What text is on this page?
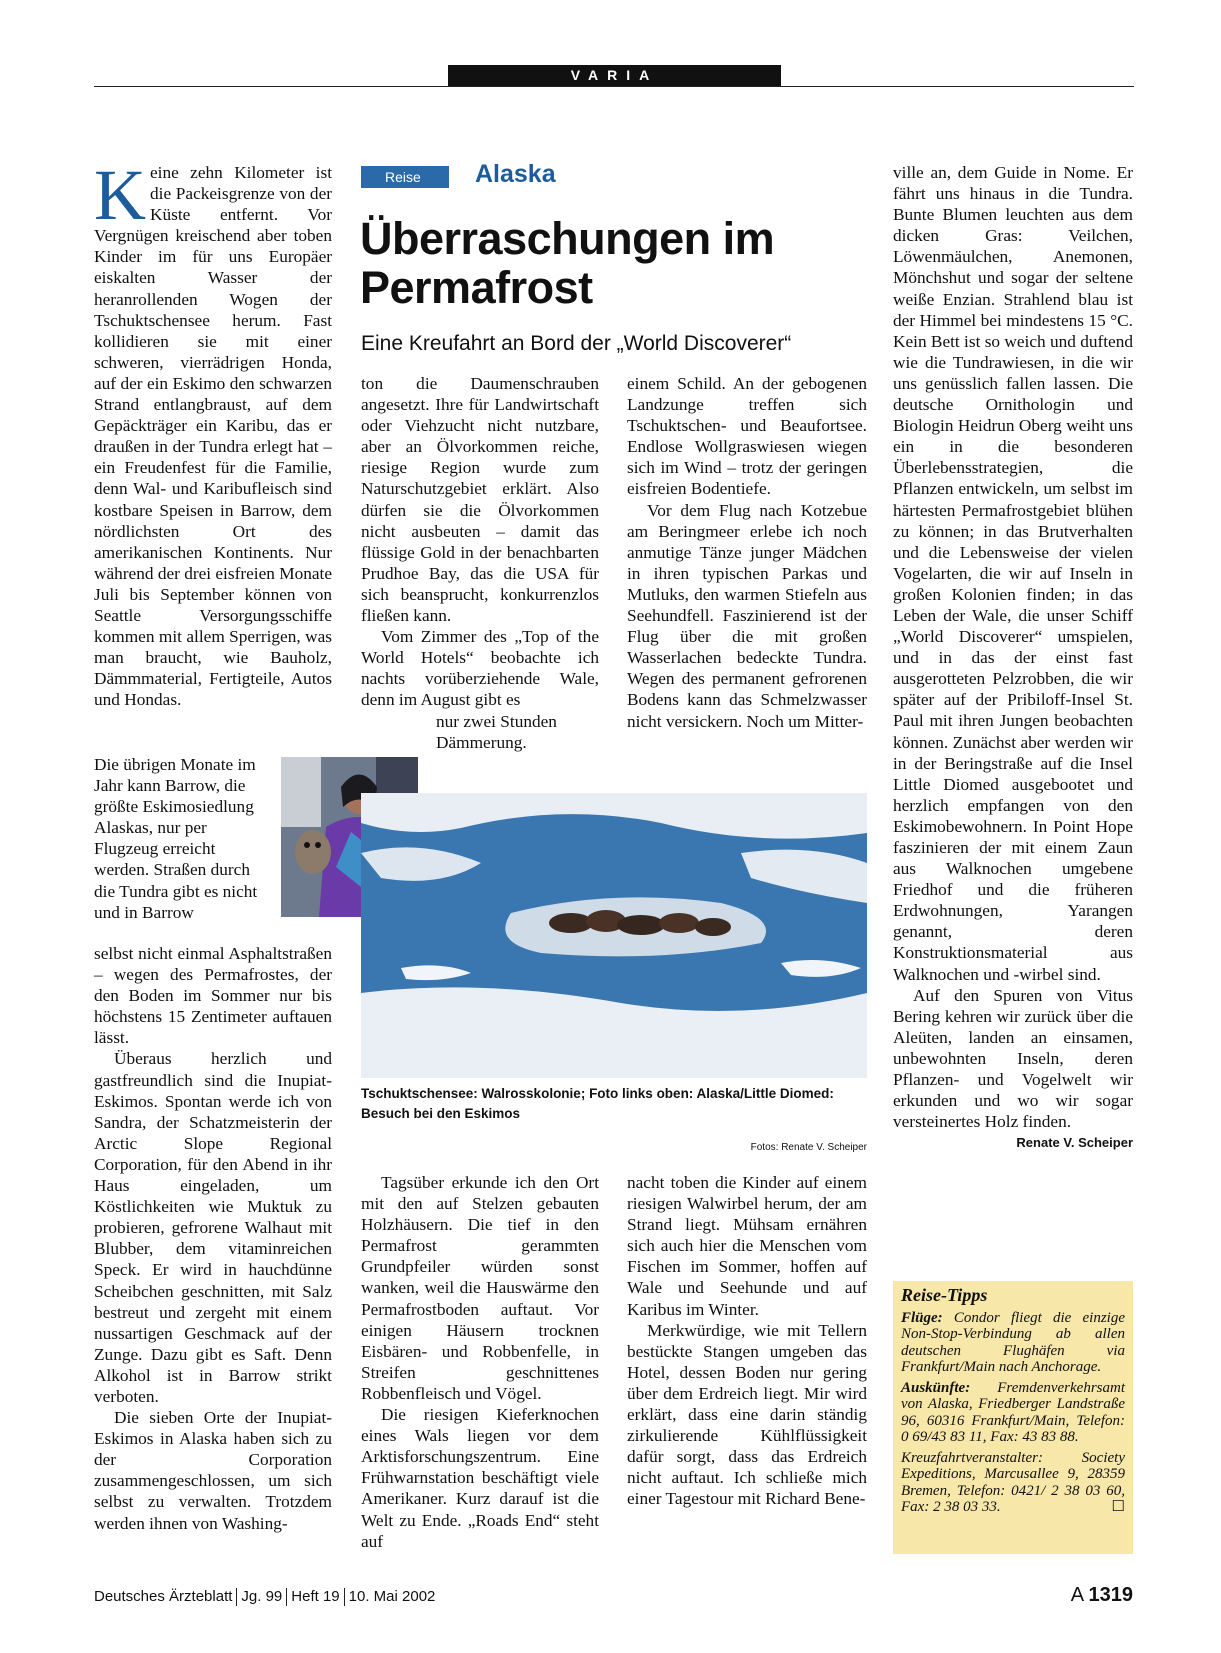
VARIA

Keine zehn Kilometer ist die Packeisgrenze von der Küste entfernt. Vor Vergnügen kreischend aber toben Kinder im für uns Europäer eiskalten Wasser der heranrollenden Wogen der Tschuktschensee herum. Fast kollidieren sie mit einer schweren, vierrädrigen Honda, auf der ein Eskimo den schwarzen Strand entlangbraust, auf dem Gepäckträger ein Karibu, das er draußen in der Tundra erlegt hat – ein Freudenfest für die Familie, denn Wal- und Karibufleisch sind kostbare Speisen in Barrow, dem nördlichsten Ort des amerikanischen Kontinents. Nur während der drei eisfreien Monate Juli bis September können von Seattle Versorgungsschiffe kommen mit allem Sperrigen, was man braucht, wie Bauholz, Dämmmaterial, Fertigteile, Autos und Hondas.

Die übrigen Monate im Jahr kann Barrow, die größte Eskimosiedlung Alaskas, nur per Flugzeug erreicht werden. Straßen durch die Tundra gibt es nicht und in Barrow

selbst nicht einmal Asphaltstraßen – wegen des Permafrostes, der den Boden im Sommer nur bis höchstens 15 Zentimeter auftauen lässt.

Überaus herzlich und gastfreundlich sind die Inupiat-Eskimos. Spontan werde ich von Sandra, der Schatzmeisterin der Arctic Slope Regional Corporation, für den Abend in ihr Haus eingeladen, um Köstlichkeiten wie Muktuk zu probieren, gefrorene Walhaut mit Blubber, dem vitaminreichen Speck. Er wird in hauchdünne Scheibchen geschnitten, mit Salz bestreut und zergeht mit einem nussartigen Geschmack auf der Zunge. Dazu gibt es Saft. Denn Alkohol ist in Barrow strikt verboten.

Die sieben Orte der Inupiat-Eskimos in Alaska haben sich zu der Corporation zusammengeschlossen, um sich selbst zu verwalten. Trotzdem werden ihnen von Washing-

Reise	Alaska
Überraschungen im
Permafrost
Eine Kreufahrt an Bord der „World Discoverer“

ton die Daumenschrauben angesetzt. Ihre für Landwirtschaft oder Viehzucht nicht nutzbare, aber an Ölvorkommen reiche, riesige Region wurde zum Naturschutzgebiet erklärt. Also dürfen sie die Ölvorkommen nicht ausbeuten – damit das flüssige Gold in der benachbarten Prudhoe Bay, das die USA für sich beansprucht, konkurrenzlos fließen kann.

Vom Zimmer des „Top of the World Hotels“ beobachte ich nachts vorüberziehende Wale, denn im August gibt es

nur zwei Stunden Dämmerung.

einem Schild. An der gebogenen Landzunge treffen sich Tschuktschen- und Beaufortsee. Endlose Wollgraswiesen wiegen sich im Wind – trotz der geringen eisfreien Bodentiefe.

Vor dem Flug nach Kotzebue am Beringmeer erlebe ich noch anmutige Tänze junger Mädchen in ihren typischen Parkas und Mutluks, den warmen Stiefeln aus Seehundfell. Faszinierend ist der Flug über die mit großen Wasserlachen bedeckte Tundra. Wegen des permanent gefrorenen Bodens kann das Schmelzwasser nicht versickern. Noch um Mitter-

Tschuktschensee: Walrosskolonie; Foto links oben: Alaska/Little Diomed: Besuch bei den Eskimos
Fotos: Renate V. Scheiper

Tagsüber erkunde ich den Ort mit den auf Stelzen gebauten Holzhäusern. Die tief in den Permafrost gerammten Grundpfeiler würden sonst wanken, weil die Hauswärme den Permafrostboden auftaut. Vor einigen Häusern trocknen Eisbären- und Robbenfelle, in Streifen geschnittenes Robbenfleisch und Vögel.

Die riesigen Kieferknochen eines Wals liegen vor dem Arktisforschungszentrum. Eine Frühwarnstation beschäftigt viele Amerikaner. Kurz darauf ist die Welt zu Ende. „Roads End“ steht auf

nacht toben die Kinder auf einem riesigen Walwirbel herum, der am Strand liegt. Mühsam ernähren sich auch hier die Menschen vom Fischen im Sommer, hoffen auf Wale und Seehunde und auf Karibus im Winter.

Merkwürdige, wie mit Tellern bestückte Stangen umgeben das Hotel, dessen Boden nur gering über dem Erdreich liegt. Mir wird erklärt, dass eine darin ständig zirkulierende Kühlflüssigkeit dafür sorgt, dass das Erdreich nicht auftaut. Ich schließe mich einer Tagestour mit Richard Bene-

ville an, dem Guide in Nome. Er fährt uns hinaus in die Tundra. Bunte Blumen leuchten aus dem dicken Gras: Veilchen, Löwenmäulchen, Anemonen, Mönchshut und sogar der seltene weiße Enzian. Strahlend blau ist der Himmel bei mindestens 15 °C. Kein Bett ist so weich und duftend wie die Tundrawiesen, in die wir uns genüsslich fallen lassen. Die deutsche Ornithologin und Biologin Heidrun Oberg weiht uns ein in die besonderen Überlebensstrategien, die Pflanzen entwickeln, um selbst im härtesten Permafrostgebiet blühen zu können; in das Brutverhalten und die Lebensweise der vielen Vogelarten, die wir auf Inseln in großen Kolonien finden; in das Leben der Wale, die unser Schiff „World Discoverer“ umspielen, und in das der einst fast ausgerotteten Pelzrobben, die wir später auf der Pribiloff-Insel St. Paul mit ihren Jungen beobachten können. Zunächst aber werden wir in der Beringstraße auf die Insel Little Diomed ausgebootet und herzlich empfangen von den Eskimobewohnern. In Point Hope faszinieren der mit einem Zaun aus Walknochen umgebene Friedhof und die früheren Erdwohnungen, Yarangen genannt, deren Konstruktionsmaterial aus Walknochen und -wirbel sind.

Auf den Spuren von Vitus Bering kehren wir zurück über die Aleüten, landen an einsamen, unbewohnten Inseln, deren Pflanzen- und Vogelwelt wir erkunden und wo wir sogar versteinertes Holz finden.
Renate V. Scheiper

Reise-Tipps

Flüge: Condor fliegt die einzige Non-Stop-Verbindung ab allen deutschen Flughäfen via Frankfurt/Main nach Anchorage.

Auskünfte: Fremdenverkehrsamt von Alaska, Friedberger Landstraße 96, 60316 Frankfurt/Main, Telefon: 0 69/43 83 11, Fax: 43 83 88.

Kreuzfahrtveranstalter: Society Expeditions, Marcusallee 9, 28359 Bremen, Telefon: 0421/ 2 38 03 60, Fax: 2 38 03 33.	☐

Deutsches Ärzteblatt Jg. 99 Heft 19 10. Mai 2002	A 1319
